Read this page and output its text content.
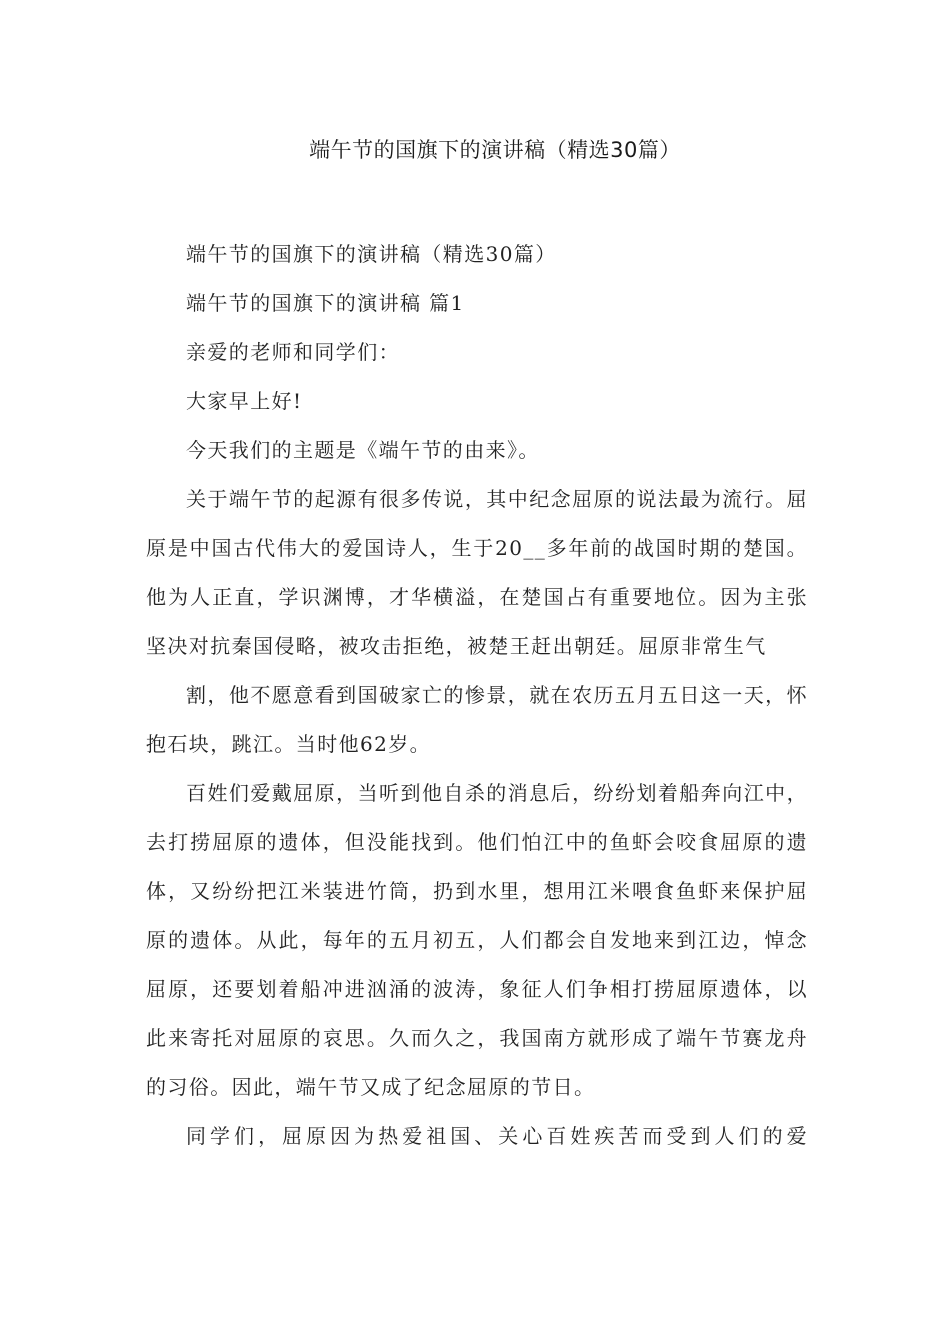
端午节的国旗下的演讲稿（精选30篇）

端午节的国旗下的演讲稿（精选30篇）

端午节的国旗下的演讲稿 篇1

亲爱的老师和同学们：

大家早上好!

今天我们的主题是《端午节的由来》。

关于端午节的起源有很多传说，其中纪念屈原的说法最为流行。屈原是中国古代伟大的爱国诗人，生于20__多年前的战国时期的楚国。他为人正直，学识渊博，才华横溢，在楚国占有重要地位。因为主张坚决对抗秦国侵略，被攻击拒绝，被楚王赶出朝廷。屈原非常生气

割，他不愿意看到国破家亡的惨景，就在农历五月五日这一天，怀抱石块，跳江。当时他62岁。

百姓们爱戴屈原，当听到他自杀的消息后，纷纷划着船奔向江中，去打捞屈原的遗体，但没能找到。他们怕江中的鱼虾会咬食屈原的遗体，又纷纷把江米装进竹筒，扔到水里，想用江米喂食鱼虾来保护屈原的遗体。从此，每年的五月初五，人们都会自发地来到江边，悼念屈原，还要划着船冲进汹涌的波涛，象征人们争相打捞屈原遗体，以此来寄托对屈原的哀思。久而久之，我国南方就形成了端午节赛龙舟的习俗。因此，端午节又成了纪念屈原的节日。

同学们，屈原因为热爱祖国、关心百姓疾苦而受到人们的爱
